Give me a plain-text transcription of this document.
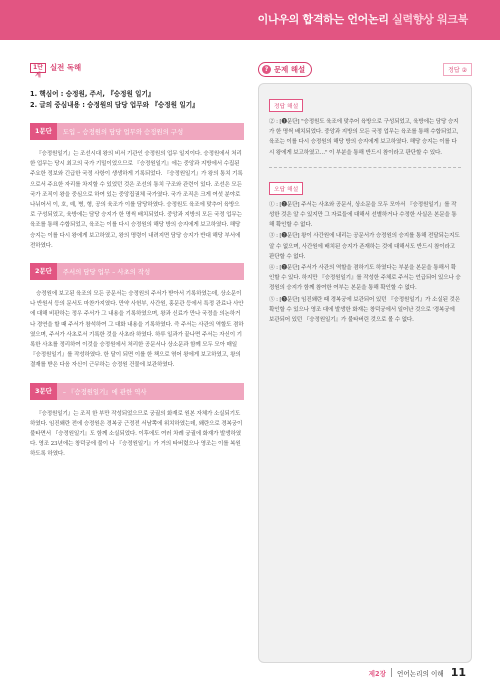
이나우의 합격하는 언어논리 실력향상 워크북
1단계
실전 독해
1. 핵심어 : 승정원, 주서, 『승정원 일기』
2. 글의 중심내용 : 승정원의 담당 업무와 『승정원 일기』
1문단	도입 – 승정원의 담당 업무와 승정원의 구성

『승정원일기』는 조선시대 왕의 비서 기관인 승정원의 업무 일지이다. 승정원에서 처리한 업무는 당시 최고의 국가 기밀이었으므로 『승정원일기』에는 중앙과 지방에서 수집된 주요한 정보와 긴급한 국정 사항이 생생하게 기록되었다. 『승정원일기』가 왕의 통치 기록으로서 주요한 자리를 차지할 수 있었던 것은 조선의 통치 구조와 관련이 있다. 조선은 모든 국가 조직이 왕을 중심으로 하여 있는 중앙집권체 국가였다. 국가 조직은 크게 여섯 분야로 나뉘어서 이, 호, 예, 병, 형, 공의 육조가 이를 담당하였다. 승정원도 육조에 맞추어 육방으로 구성되었고, 육방에는 담당 승지가 한 명씩 배치되었다. 중앙과 지방의 모든 국정 업무는 육조를 통해 수합되었고, 육조는 이를 다시 승정원의 해당 방의 승지에게 보고하였다. 해당 승지는 이를 다시 왕에게 보고하였고, 왕의 명령이 내려지면 담당 승지가 반대 해당 부서에 전하였다.

2문단	주서의 담당 업무 – 사초의 작성

승정원에 보고된 육조의 모든 공문서는 승정원의 주서가 받아서 기록하였는데, 상소문이나 반원서 등의 문서도 마찬가지였다. 만약 사헌부, 사간원, 홍문관 등에서 특정 관료나 사안에 대해 비판하는 정우 주서가 그 내용을 기록하였으며, 왕과 신료가 만나 국정을 의논하거나 경연을 할 때 주서가 참석하여 그 대화 내용을 기록하였다. 즉 주서는 사관의 역할도 겸하였으며, 주서가 사초로서 기록한 것을 사초라 하였다. 하루 일과가 끝나면 주서는 자신이 기록한 사초를 정리하여 이것을 승정원에서 처리한 공문서나 상소문과 함께 모두 모아 매일 『승정원일기』를 작성하였다. 한 달이 되면 이를 한 책으로 엮어 왕에게 보고하였고, 왕의 결재를 받은 다음 자신이 근무하는 승정원 건물에 보관하였다.

3문단	– 『승정원일기』에 관한 역사

『승정원일기』는 조직 한 부만 작성되었으므로 궁궐의 화재로 원본 자체가 소실되기도 하였다. 임진왜란 전에 승정원은 경복궁 근정전 서남쪽에 위치하였는데, 왜란으로 경복궁이 불타면서 『승정원일기』도 함께 소실되었다. 이후에도 여러 차례 궁궐에 화재가 발생하였다. 영조 23년에는 창덕궁에 불이 나 『승정원일기』가 거의 타버렸으나 영조는 이를 복원하도록 하였다.

? 문제 해설	정답 ②
정답 해설
② : [❶문단] "승정원도 육조에 맞추어 육방으로 구성되었고, 육방에는 담당 승지가 한 명씩 배치되었다. 중앙과 지방의 모든 국정 업무는 육조를 통해 수합되었고, 육조는 이를 다시 승정원의 해당 방의 승지에게 보고하였다. 해당 승지는 이를 다시 왕에게 보고하였고…" 이 부분을 통해 반드시 참이라고 판단할 수 있다.
오답 해설
① : [❷문단] 주서는 사초와 공문서, 상소문을 모두 모아서 『승정원일기』를 작성한 것은 알 수 있지만 그 자료들에 대해서 선별하거나 수정한 사실은 본문을 통해 확인할 수 없다.
③ : [❷문단] 왕이 사간원에 내리는 공문서가 승정원의 승지를 통해 전달되는지도 알 수 없으며, 사간원에 배치된 승지가 존재하는 것에 대해서도 반드시 참이라고 판단할 수 없다.
④ : [❷문단] 주서가 사관의 역할을 겸하기도 하였다는 부분을 본문을 통해서 확인할 수 있다. 하지만 『승정원일기』를 작성한 주체로 주서는 언급되어 있으나 승정원의 승지가 함께 참여한 여부는 본문을 통해 확인할 수 없다.
⑤ : [❸문단] 임진왜란 때 경복궁에 보관되어 있던 『승정원일기』가 소실된 것은 확인할 수 있으나 영조 대에 발생한 화재는 창덕궁에서 일어난 것으로 '경복궁에 보관되어 있던 『승정원일기』가 불타버린 것으로 볼 수 없다.
제2장 언어논리의 이해 11
